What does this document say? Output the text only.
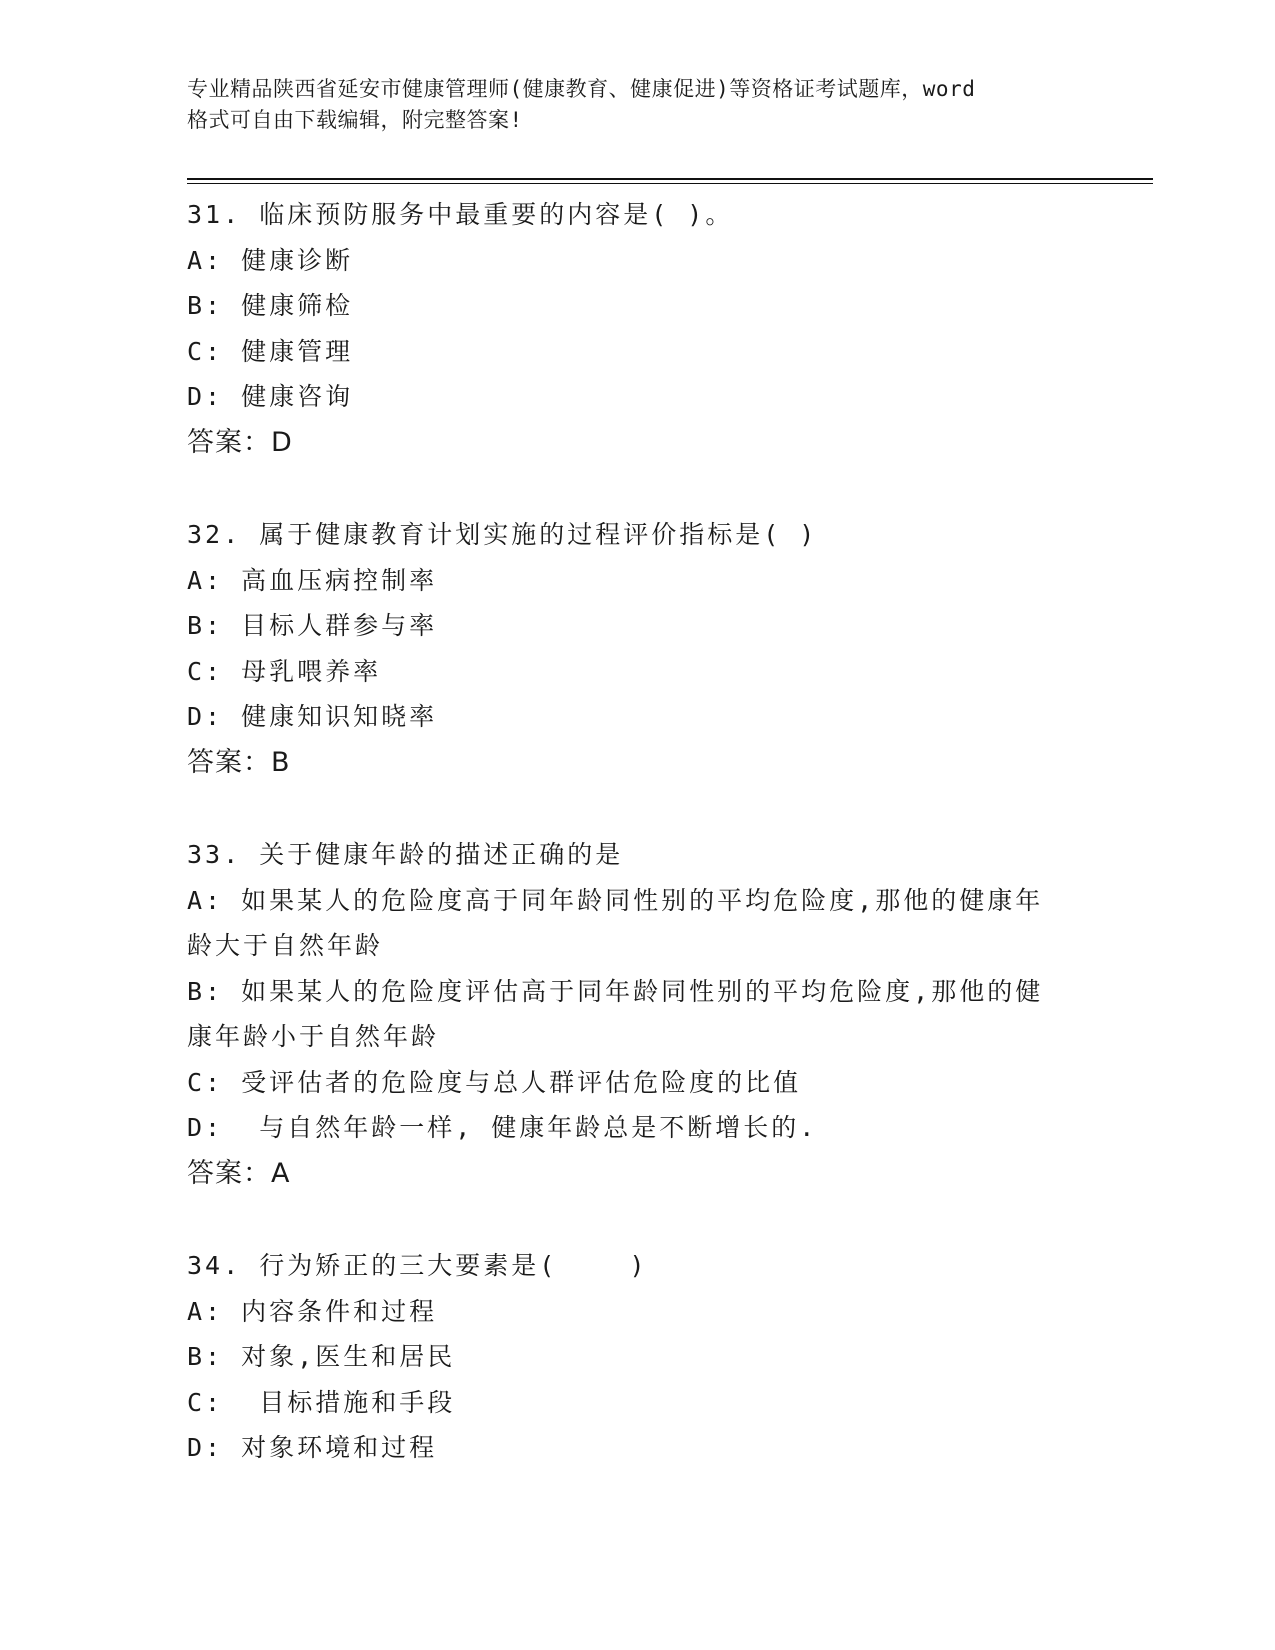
专业精品陕西省延安市健康管理师(健康教育、健康促进)等资格证考试题库，word
格式可自由下载编辑，附完整答案!
31. 临床预防服务中最重要的内容是( )。
A: 健康诊断
B: 健康筛检
C: 健康管理
D: 健康咨询
答案：D
32. 属于健康教育计划实施的过程评价指标是( )
A: 高血压病控制率
B: 目标人群参与率
C: 母乳喂养率
D: 健康知识知晓率
答案：B
33. 关于健康年龄的描述正确的是
A: 如果某人的危险度高于同年龄同性别的平均危险度,那他的健康年龄大于自然年龄
B: 如果某人的危险度评估高于同年龄同性别的平均危险度,那他的健康年龄小于自然年龄
C: 受评估者的危险度与总人群评估危险度的比值
D:  与自然年龄一样, 健康年龄总是不断增长的.
答案：A
34. 行为矫正的三大要素是(    )
A: 内容条件和过程
B: 对象,医生和居民
C:  目标措施和手段
D: 对象环境和过程
